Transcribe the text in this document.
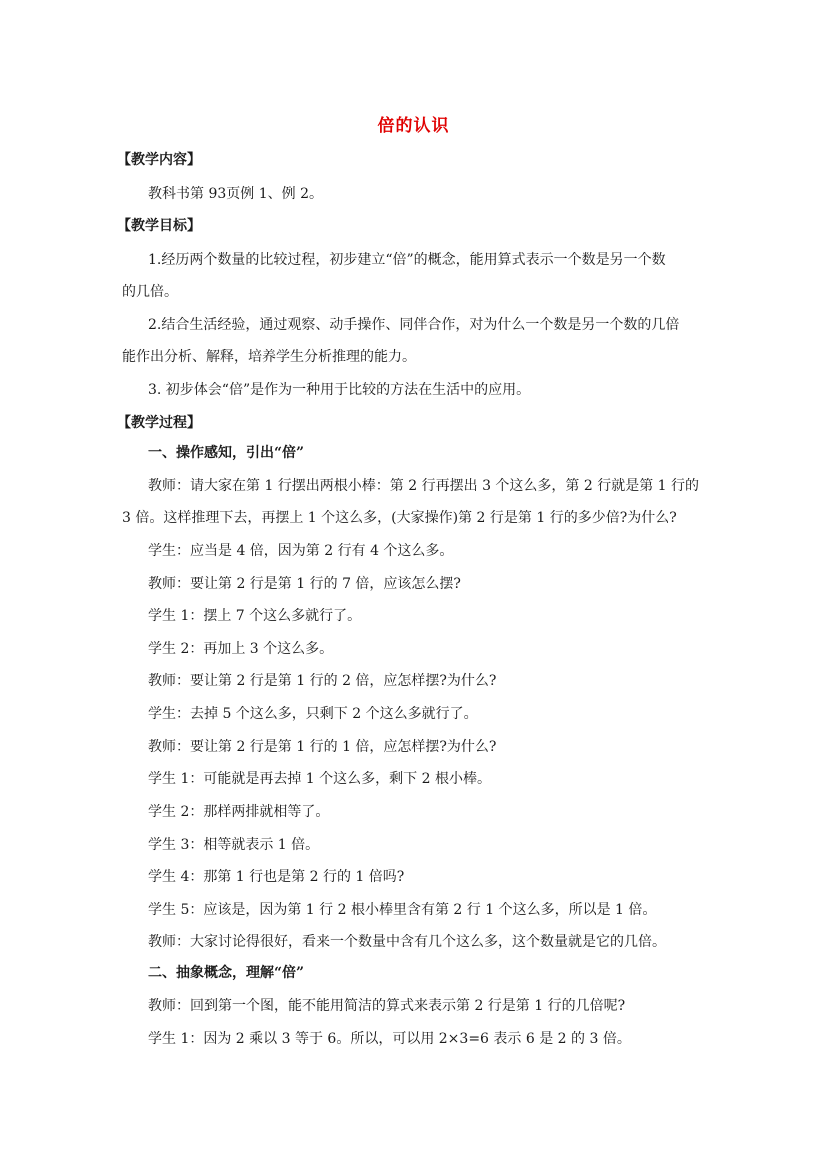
倍的认识
【教学内容】
教科书第 93页例 1、例 2。
【教学目标】
1.经历两个数量的比较过程，初步建立“倍”的概念，能用算式表示一个数是另一个数
的几倍。
2.结合生活经验，通过观察、动手操作、同伴合作，对为什么一个数是另一个数的几倍
能作出分析、解释，培养学生分析推理的能力。
3. 初步体会“倍”是作为一种用于比较的方法在生活中的应用。
【教学过程】
一、操作感知，引出“倍”
教师：请大家在第 1 行摆出两根小棒：第 2 行再摆出 3 个这么多，第 2 行就是第 1 行的
3 倍。这样推理下去，再摆上 1 个这么多，(大家操作)第 2 行是第 1 行的多少倍?为什么?
学生：应当是 4 倍，因为第 2 行有 4 个这么多。
教师：要让第 2 行是第 1 行的 7 倍，应该怎么摆?
学生 1：摆上 7 个这么多就行了。
学生 2：再加上 3 个这么多。
教师：要让第 2 行是第 1 行的 2 倍，应怎样摆?为什么?
学生：去掉 5 个这么多，只剩下 2 个这么多就行了。
教师：要让第 2 行是第 1 行的 1 倍，应怎样摆?为什么?
学生 1：可能就是再去掉 1 个这么多，剩下 2 根小棒。
学生 2：那样两排就相等了。
学生 3：相等就表示 1 倍。
学生 4：那第 1 行也是第 2 行的 1 倍吗?
学生 5：应该是，因为第 1 行 2 根小棒里含有第 2 行 1 个这么多，所以是 1 倍。
教师：大家讨论得很好，看来一个数量中含有几个这么多，这个数量就是它的几倍。
二、抽象概念，理解“倍”
教师：回到第一个图，能不能用简洁的算式来表示第 2 行是第 1 行的几倍呢?
学生 1：因为 2 乘以 3 等于 6。所以，可以用 2×3=6 表示 6 是 2 的 3 倍。
